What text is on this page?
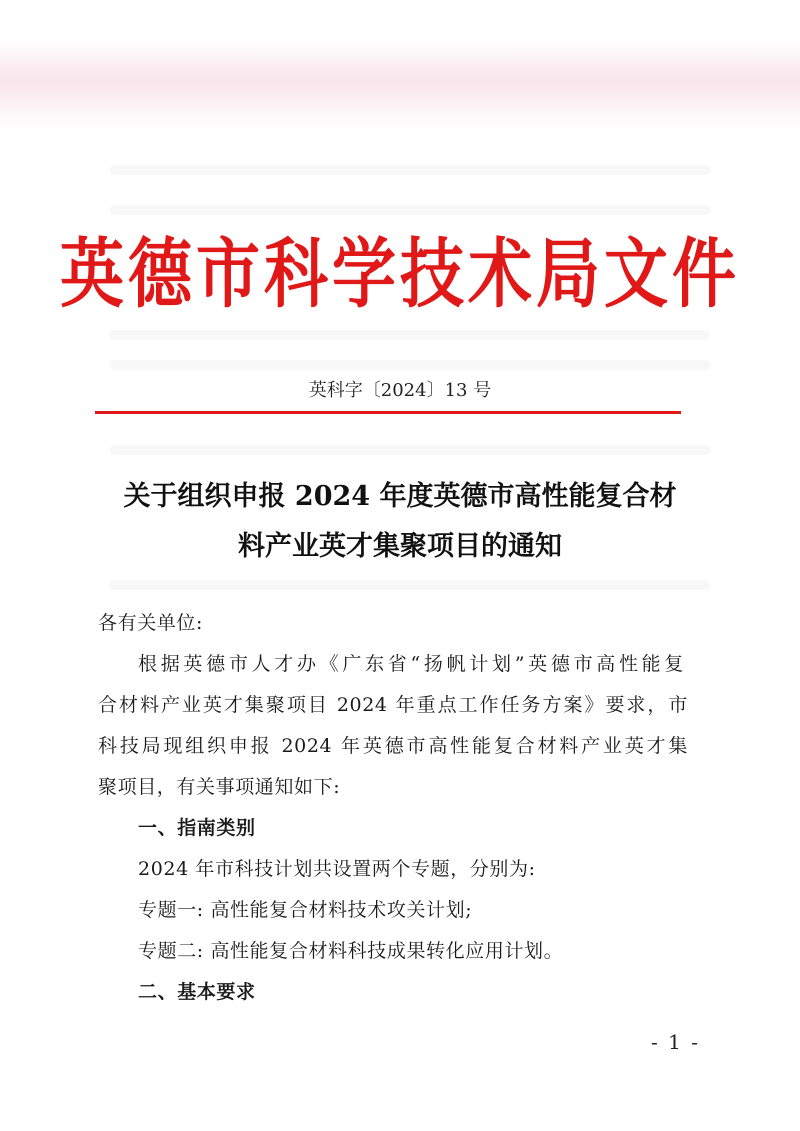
英德市科学技术局文件
英科字〔2024〕13 号
关于组织申报 2024 年度英德市高性能复合材
料产业英才集聚项目的通知
各有关单位:
根据英德市人才办《广东省“扬帆计划”英德市高性能复
合材料产业英才集聚项目 2024 年重点工作任务方案》要求，市
科技局现组织申报 2024 年英德市高性能复合材料产业英才集
聚项目，有关事项通知如下:
一、指南类别
2024 年市科技计划共设置两个专题，分别为:
专题一: 高性能复合材料技术攻关计划;
专题二: 高性能复合材料科技成果转化应用计划。
二、基本要求
- 1 -
